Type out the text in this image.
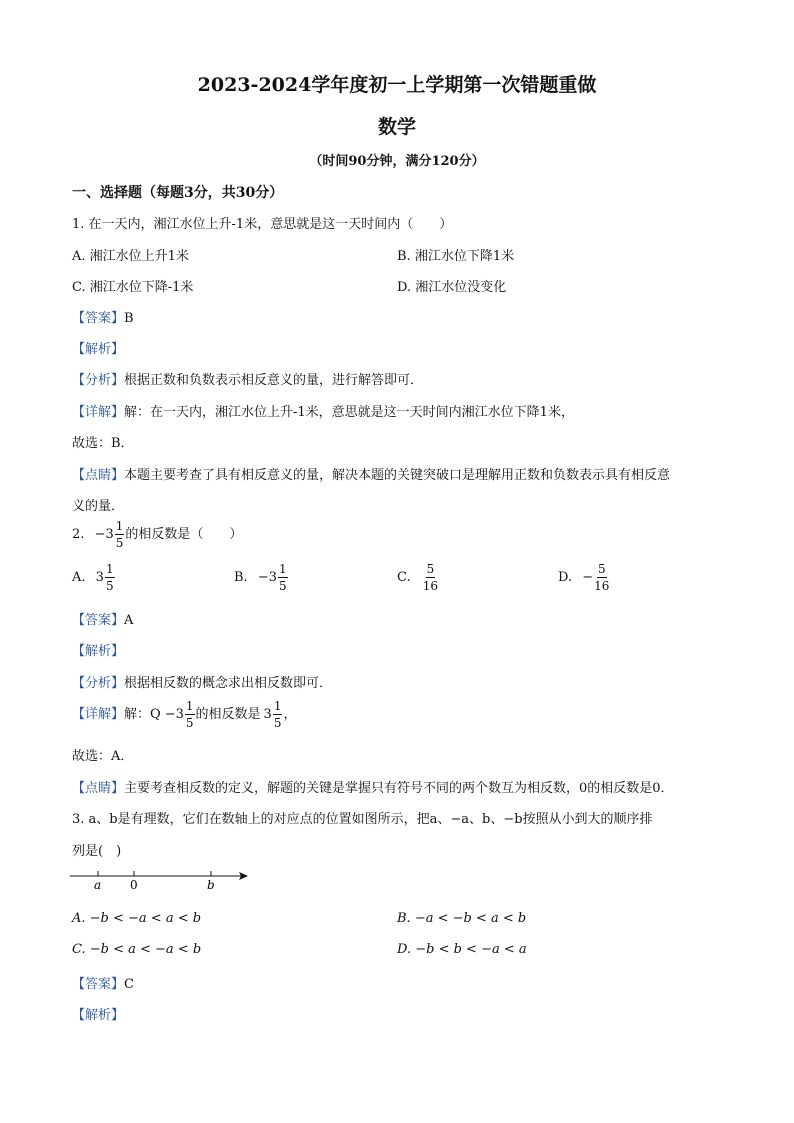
2023-2024学年度初一上学期第一次错题重做
数学
（时间90分钟，满分120分）
一、选择题（每题3分，共30分）
1. 在一天内，湘江水位上升-1米，意思就是这一天时间内（　　）
A. 湘江水位上升1米	B. 湘江水位下降1米
C. 湘江水位下降-1米	D. 湘江水位没变化
【答案】B
【解析】
【分析】根据正数和负数表示相反意义的量，进行解答即可．
【详解】解：在一天内，湘江水位上升-1米，意思就是这一天时间内湘江水位下降1米，
故选：B．
【点睛】本题主要考查了具有相反意义的量，解决本题的关键突破口是理解用正数和负数表示具有相反意
义的量．
2. $-3 \frac{1}{5}$ 的相反数是（　　）
A. $3 \frac{1}{5}$	B. $-3 \frac{1}{5}$	C. $\frac{5}{16}$	D. − $\frac{5}{16}$
【答案】A
【解析】
【分析】根据相反数的概念求出相反数即可．
【详解】解：$Q -3 \frac{1}{5}$ 的相反数是 $3 \frac{1}{5}$ ，
故选：A．
【点睛】主要考查相反数的定义，解题的关键是掌握只有符号不同的两个数互为相反数，0的相反数是0．
3. a、b是有理数，它们在数轴上的对应点的位置如图所示，把a、−a、b、−b按照从小到大的顺序排
列是(　)
a 0	b
A. −b < −a < a < b	B. −a < −b < a < b
C. −b < a < −a < b	D. −b < b < −a < a
【答案】C
【解析】
